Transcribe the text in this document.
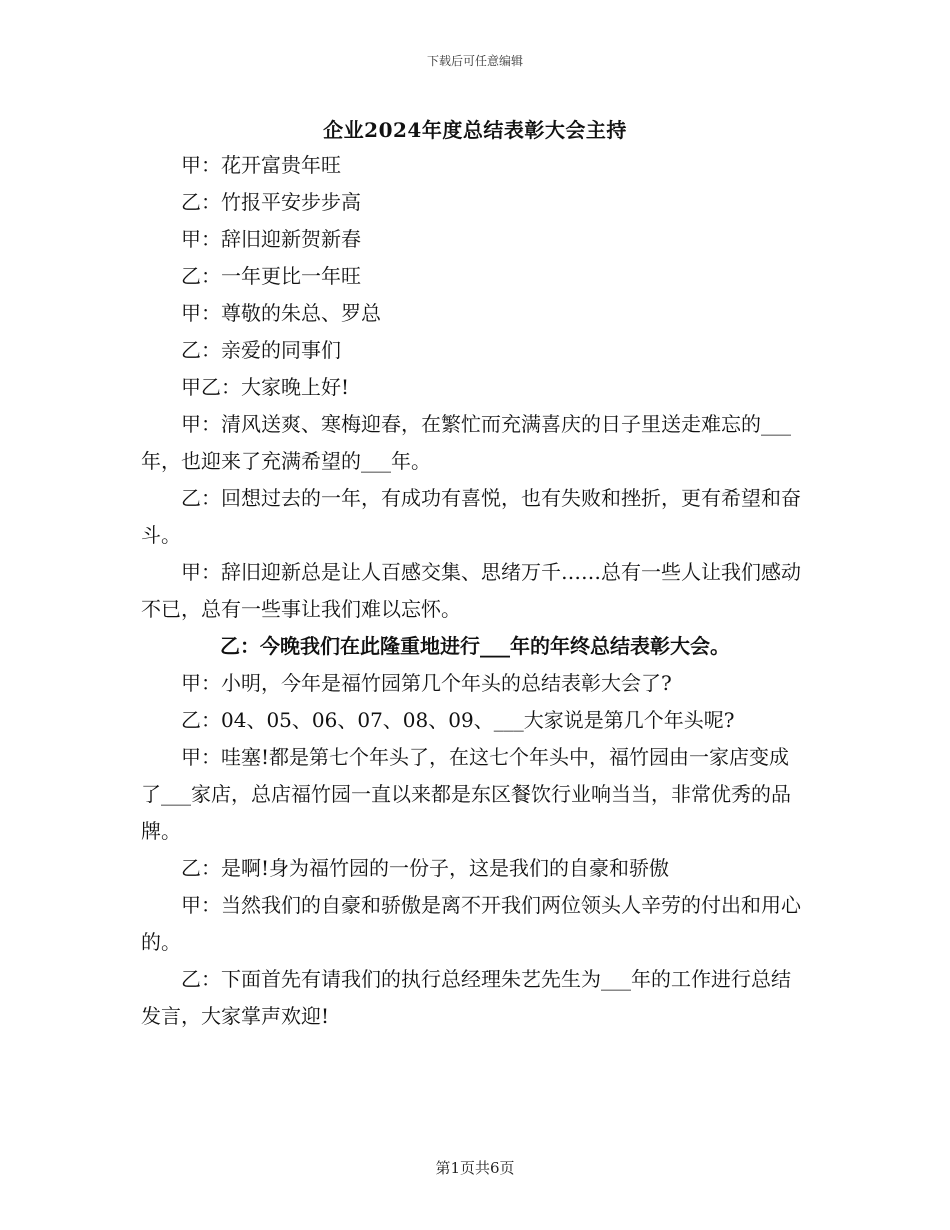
下载后可任意编辑
企业2024年度总结表彰大会主持

甲：花开富贵年旺

乙：竹报平安步步高

甲：辞旧迎新贺新春

乙：一年更比一年旺

甲：尊敬的朱总、罗总

乙：亲爱的同事们

甲乙：大家晚上好!

甲：清风送爽、寒梅迎春，在繁忙而充满喜庆的日子里送走难忘的___年，也迎来了充满希望的___年。

乙：回想过去的一年，有成功有喜悦，也有失败和挫折，更有希望和奋斗。

甲：辞旧迎新总是让人百感交集、思绪万千……总有一些人让我们感动不已，总有一些事让我们难以忘怀。

乙：今晚我们在此隆重地进行___年的年终总结表彰大会。

甲：小明，今年是福竹园第几个年头的总结表彰大会了?

乙：04、05、06、07、08、09、___大家说是第几个年头呢?

甲：哇塞!都是第七个年头了，在这七个年头中，福竹园由一家店变成了___家店，总店福竹园一直以来都是东区餐饮行业响当当，非常优秀的品牌。

乙：是啊!身为福竹园的一份子，这是我们的自豪和骄傲

甲：当然我们的自豪和骄傲是离不开我们两位领头人辛劳的付出和用心的。

乙：下面首先有请我们的执行总经理朱艺先生为___年的工作进行总结发言，大家掌声欢迎!

第1页共6页
